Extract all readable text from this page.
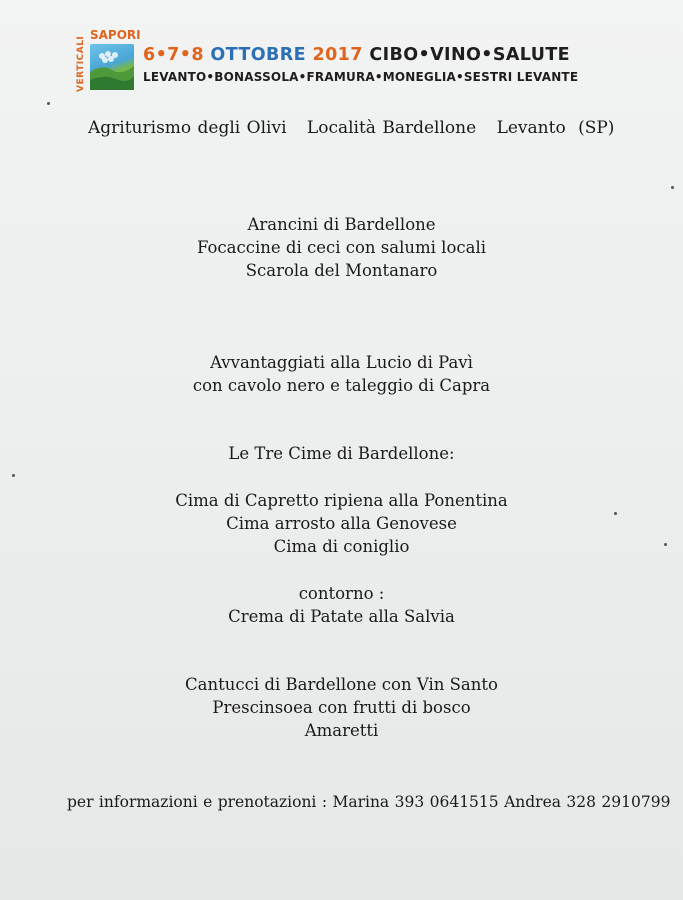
VERTICALI
SAPORI
6•7•8 OTTOBRE 2017 CIBO•VINO•SALUTE
LEVANTO•BONASSOLA•FRAMURA•MONEGLIA•SESTRI LEVANTE
Agriturismo degli Olivi Località Bardellone Levanto (SP)
Arancini di Bardellone
Focaccine di ceci con salumi locali
Scarola del Montanaro
Avvantaggiati alla Lucio di Pavì
con cavolo nero e taleggio di Capra
Le Tre Cime di Bardellone:
Cima di Capretto ripiena alla Ponentina
Cima arrosto alla Genovese
Cima di coniglio
contorno :
Crema di Patate alla Salvia
Cantucci di Bardellone con Vin Santo
Prescinsoea con frutti di bosco
Amaretti
per informazioni e prenotazioni : Marina 393 0641515 Andrea 328 2910799
